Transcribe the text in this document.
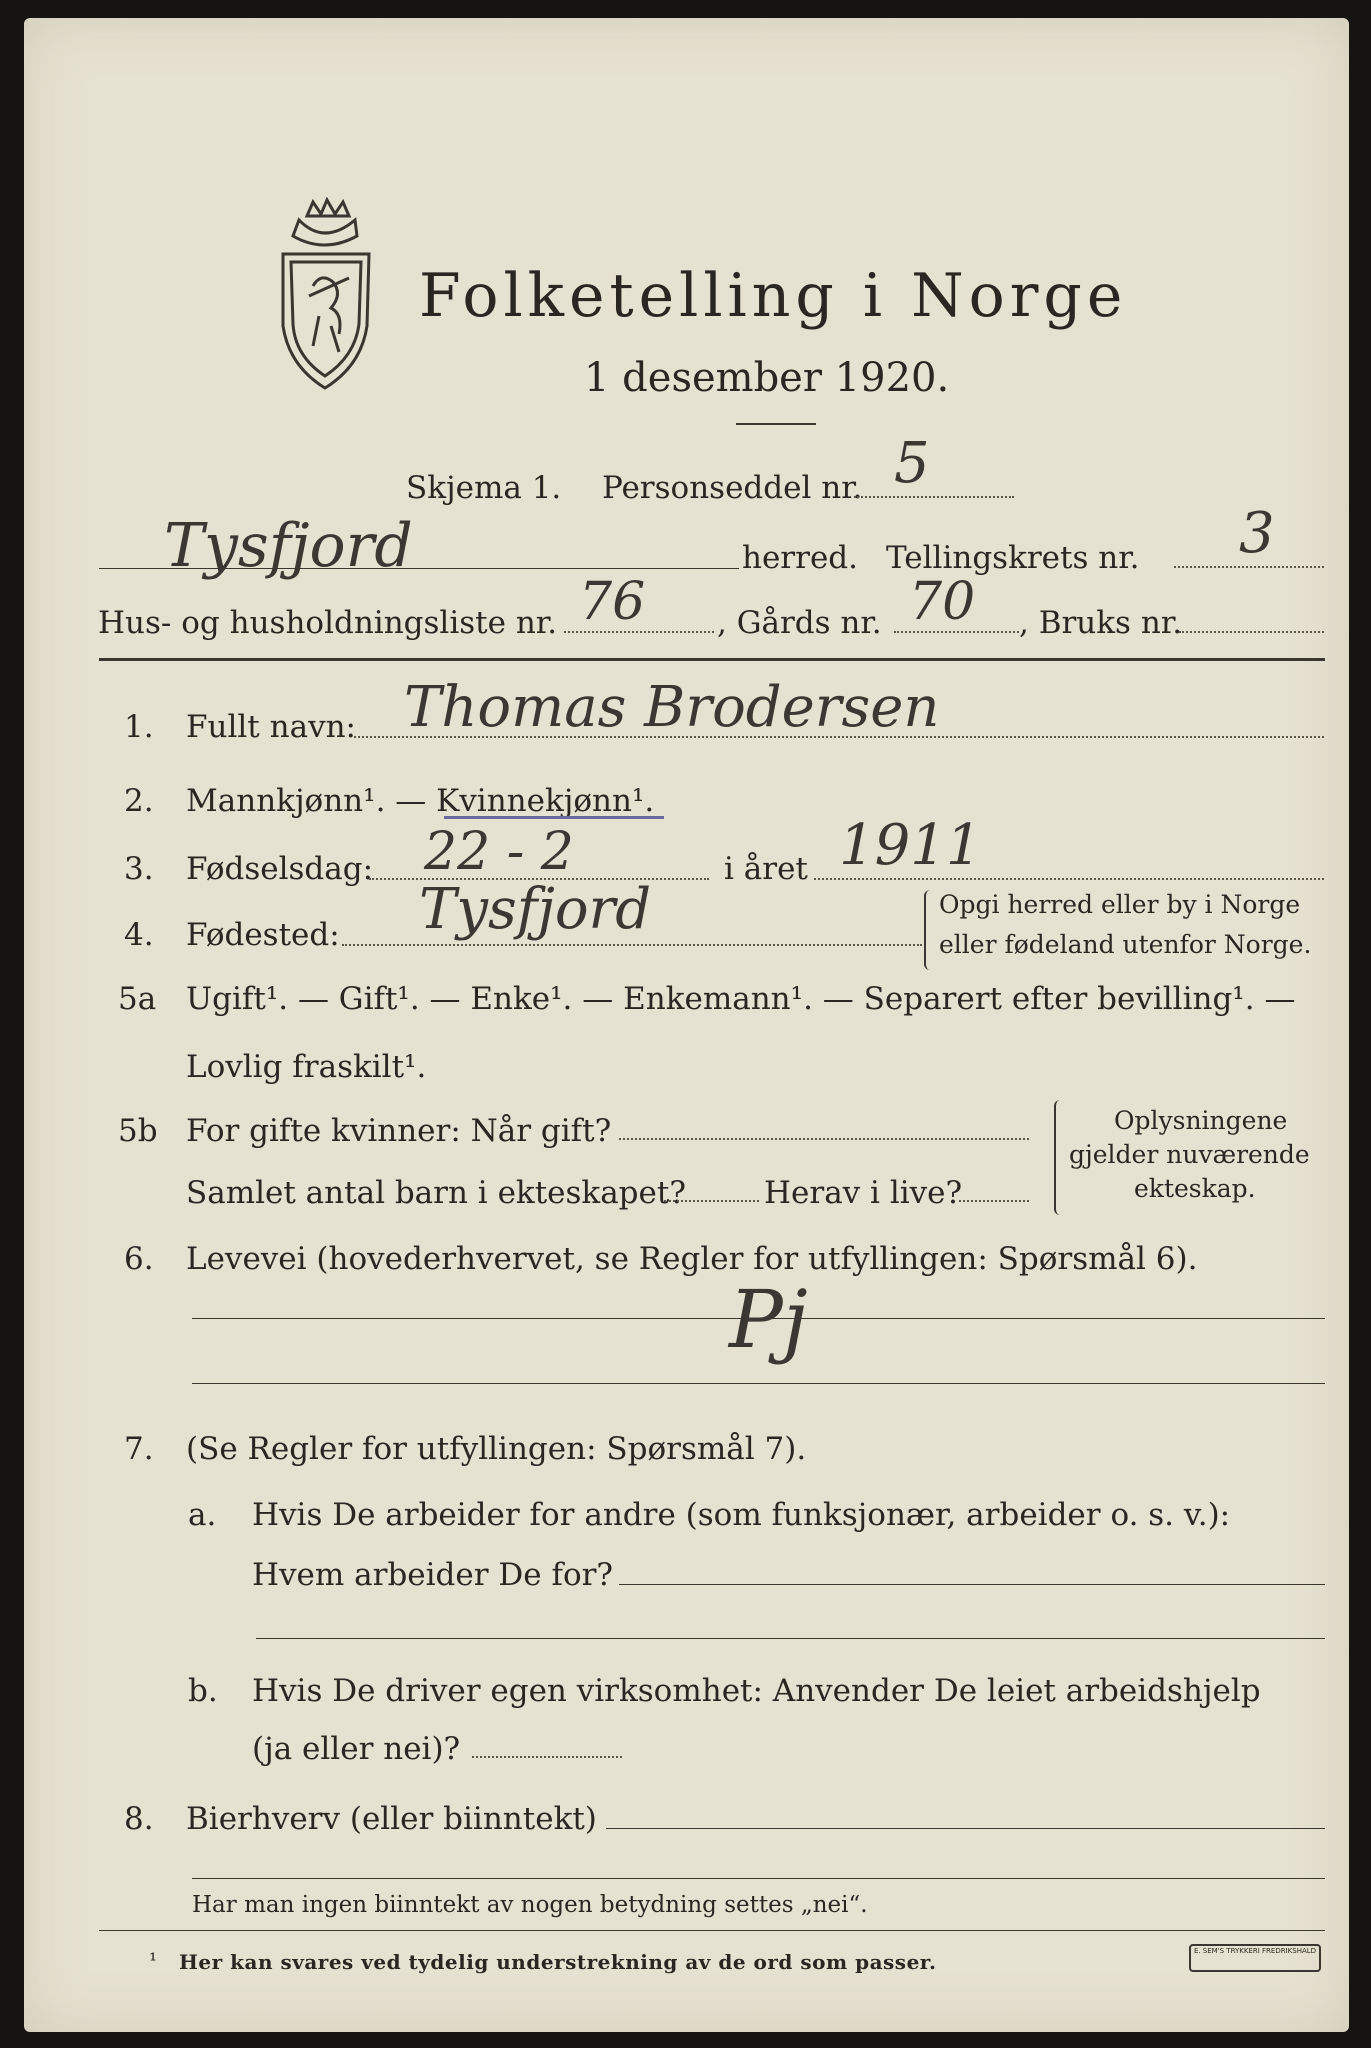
Folketelling i Norge
1 desember 1920.
Skjema 1. Personseddel nr. 5
Tysfjord	herred. Tellingskrets nr. 3
Hus- og husholdningsliste nr. 76 , Gårds nr. 70 , Bruks nr.
1. Fullt navn: Thomas Brodersen
2. Mannkjønn¹. — Kvinnekjønn¹.
3. Fødselsdag: 22 - 2	i året 1911
4. Fødested: Tysfjord	Opgi herred eller by i Norge
eller fødeland utenfor Norge.
5a Ugift¹. — Gift¹. — Enke¹. — Enkemann¹. — Separert efter bevilling¹. —
Lovlig fraskilt¹.
5b For gifte kvinner: Når gift?
Samlet antal barn i ekteskapet?	Herav i live?
Oplysningene
gjelder nuværende
ekteskap.
6. Levevei (hovederhvervet, se Regler for utfyllingen: Spørsmål 6).
Pj
7. (Se Regler for utfyllingen: Spørsmål 7).
a. Hvis De arbeider for andre (som funksjonær, arbeider o. s. v.):
Hvem arbeider De for?
b. Hvis De driver egen virksomhet: Anvender De leiet arbeidshjelp
(ja eller nei)?
8. Bierhverv (eller biinntekt)
Har man ingen biinntekt av nogen betydning settes „nei“.
¹ Her kan svares ved tydelig understrekning av de ord som passer.	E. SEM'S TRYKKERI FREDRIKSHALD
